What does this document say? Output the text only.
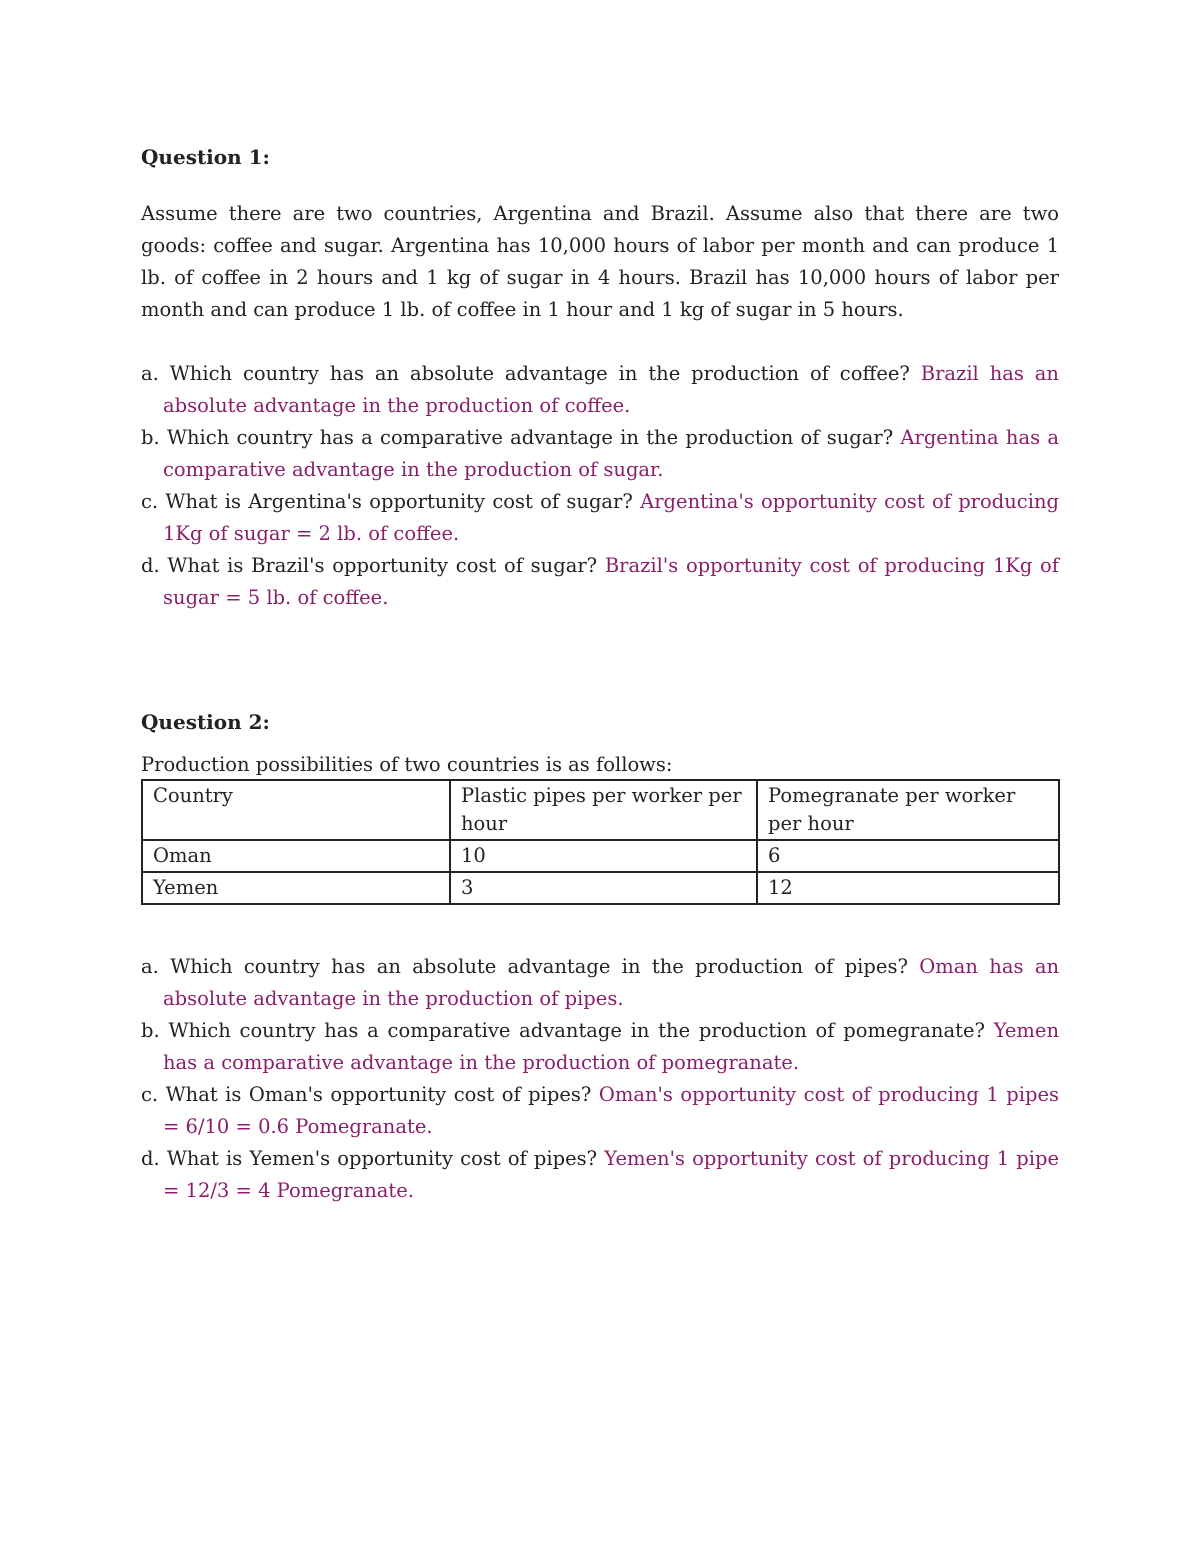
Question 1:
Assume there are two countries, Argentina and Brazil. Assume also that there are two goods: coffee and sugar. Argentina has 10,000 hours of labor per month and can produce 1 lb. of coffee in 2 hours and 1 kg of sugar in 4 hours. Brazil has 10,000 hours of labor per month and can produce 1 lb. of coffee in 1 hour and 1 kg of sugar in 5 hours.
a. Which country has an absolute advantage in the production of coffee? Brazil has an absolute advantage in the production of coffee.
b. Which country has a comparative advantage in the production of sugar? Argentina has a comparative advantage in the production of sugar.
c. What is Argentina's opportunity cost of sugar? Argentina's opportunity cost of producing 1Kg of sugar = 2 lb. of coffee.
d. What is Brazil's opportunity cost of sugar? Brazil's opportunity cost of producing 1Kg of sugar = 5 lb. of coffee.
Question 2:
Production possibilities of two countries is as follows:
Country	Plastic pipes per worker per hour	Pomegranate per worker per hour
Oman	10	6
Yemen	3	12
a. Which country has an absolute advantage in the production of pipes? Oman has an absolute advantage in the production of pipes.
b. Which country has a comparative advantage in the production of pomegranate? Yemen has a comparative advantage in the production of pomegranate.
c. What is Oman's opportunity cost of pipes? Oman's opportunity cost of producing 1 pipes = 6/10 = 0.6 Pomegranate.
d. What is Yemen's opportunity cost of pipes? Yemen's opportunity cost of producing 1 pipe = 12/3 = 4 Pomegranate.
